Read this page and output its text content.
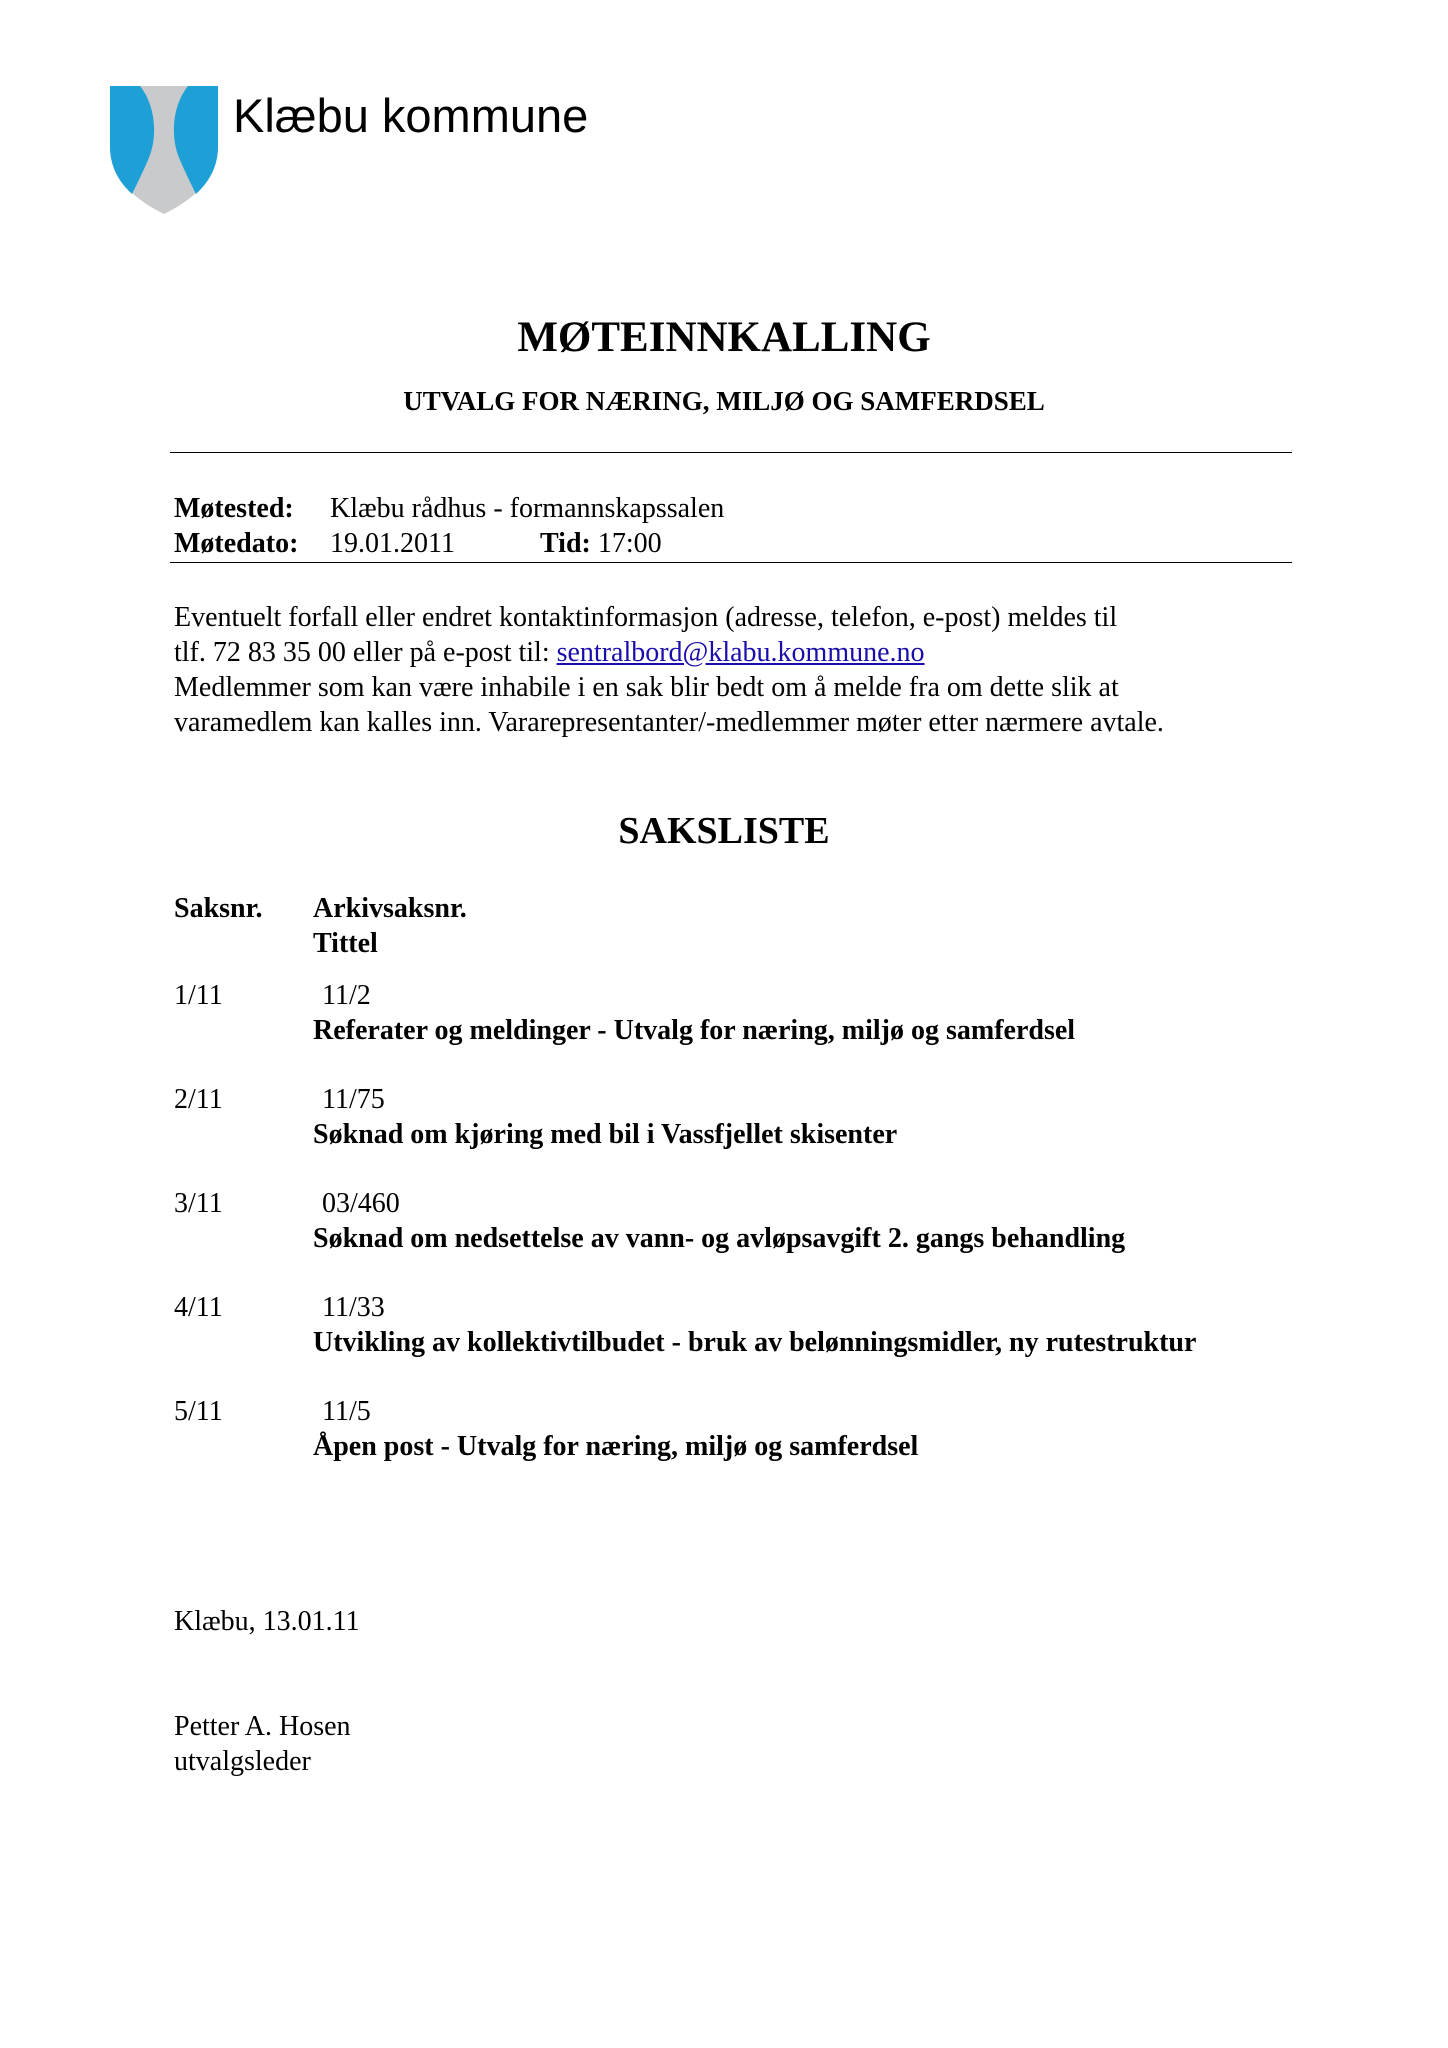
Klæbu kommune
MØTEINNKALLING
UTVALG FOR NÆRING, MILJØ OG SAMFERDSEL
Møtested: Klæbu rådhus - formannskapssalen
Møtedato: 19.01.2011	Tid: 17:00
Eventuelt forfall eller endret kontaktinformasjon (adresse, telefon, e-post) meldes til
tlf. 72 83 35 00 eller på e-post til: sentralbord@klabu.kommune.no
Medlemmer som kan være inhabile i en sak blir bedt om å melde fra om dette slik at
varamedlem kan kalles inn. Vararepresentanter/-medlemmer møter etter nærmere avtale.
SAKSLISTE
Saksnr. Arkivsaksnr.
Tittel
1/11	11/2
Referater og meldinger - Utvalg for næring, miljø og samferdsel
2/11	11/75
Søknad om kjøring med bil i Vassfjellet skisenter
3/11	03/460
Søknad om nedsettelse av vann- og avløpsavgift 2. gangs behandling
4/11	11/33
Utvikling av kollektivtilbudet - bruk av belønningsmidler, ny rutestruktur
5/11	11/5
Åpen post - Utvalg for næring, miljø og samferdsel
Klæbu, 13.01.11
Petter A. Hosen
utvalgsleder
